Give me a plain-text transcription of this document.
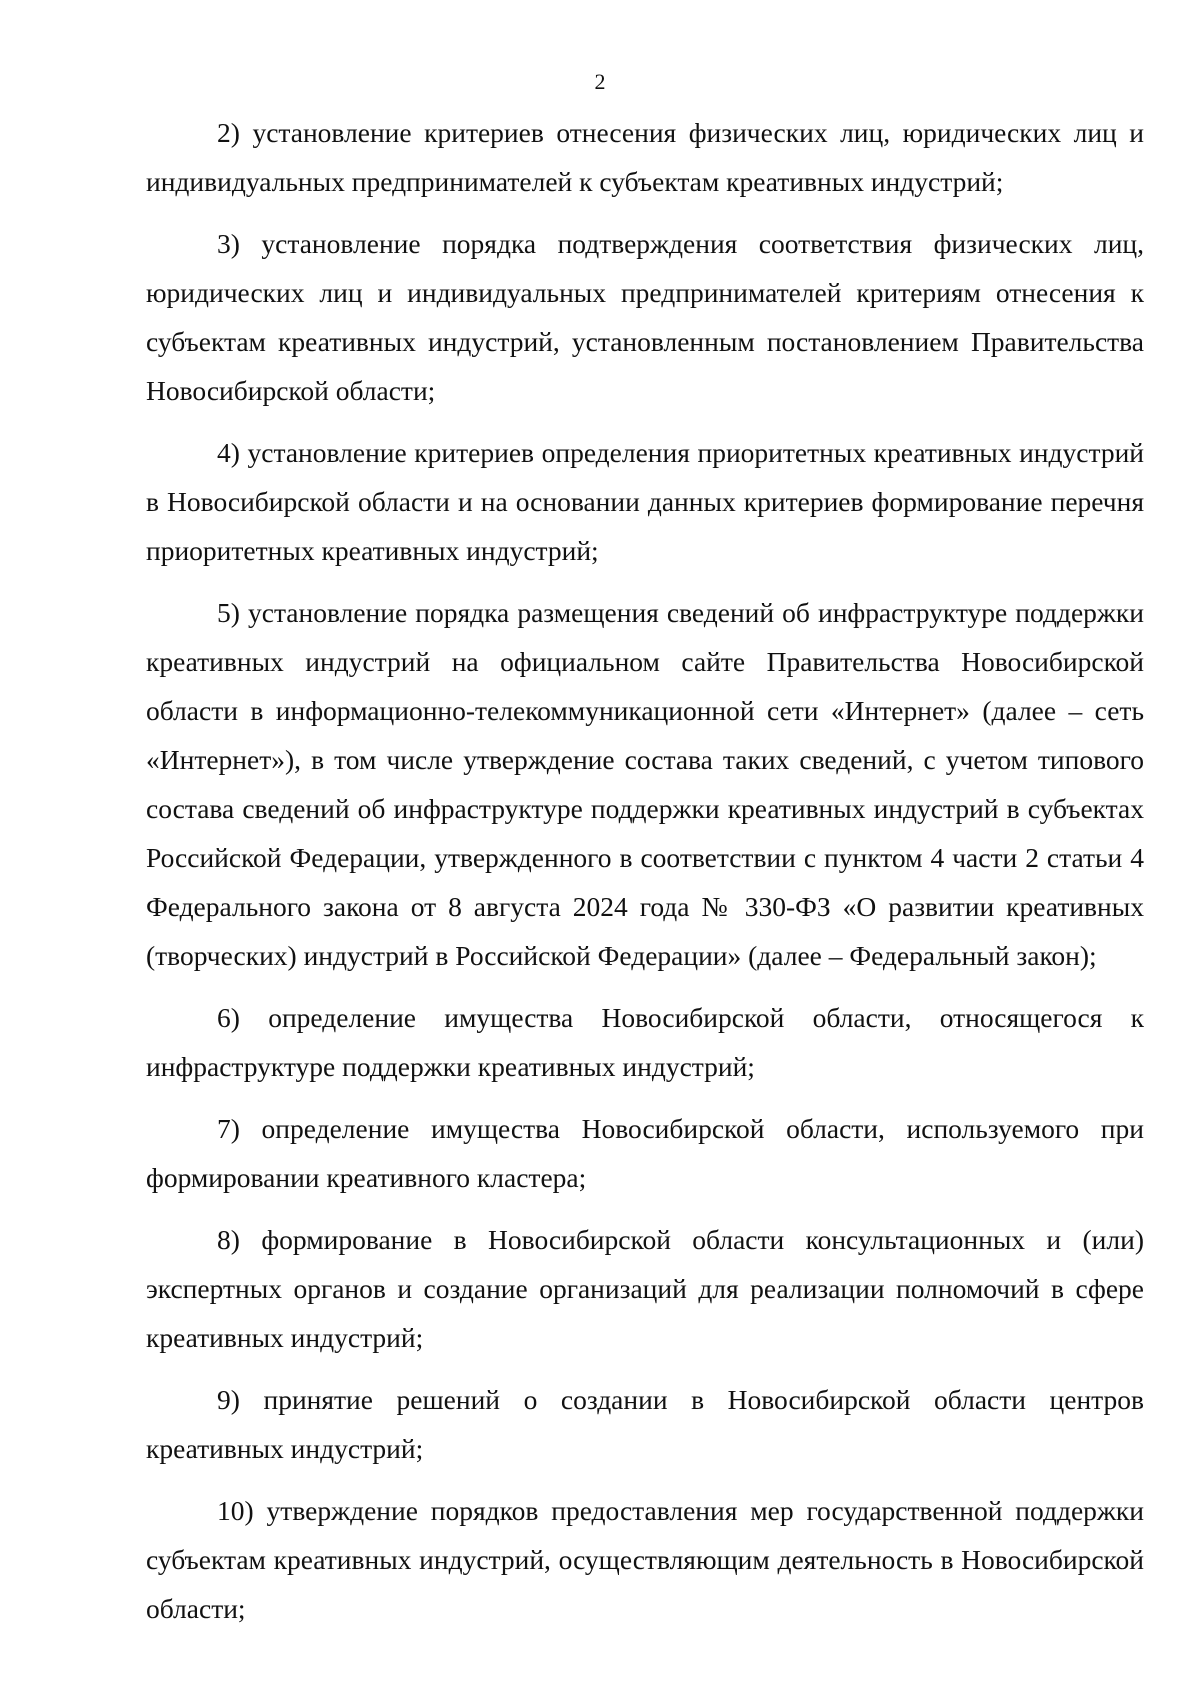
2

2) установление критериев отнесения физических лиц, юридических лиц и индивидуальных предпринимателей к субъектам креативных индустрий;

3) установление порядка подтверждения соответствия физических лиц, юридических лиц и индивидуальных предпринимателей критериям отнесения к субъектам креативных индустрий, установленным постановлением Правительства Новосибирской области;

4) установление критериев определения приоритетных креативных индустрий в Новосибирской области и на основании данных критериев формирование перечня приоритетных креативных индустрий;

5) установление порядка размещения сведений об инфраструктуре поддержки креативных индустрий на официальном сайте Правительства Новосибирской области в информационно-телекоммуникационной сети «Интернет» (далее – сеть «Интернет»), в том числе утверждение состава таких сведений, с учетом типового состава сведений об инфраструктуре поддержки креативных индустрий в субъектах Российской Федерации, утвержденного в соответствии с пунктом 4 части 2 статьи 4 Федерального закона от 8 августа 2024 года № 330-ФЗ «О развитии креативных (творческих) индустрий в Российской Федерации» (далее – Федеральный закон);

6) определение имущества Новосибирской области, относящегося к инфраструктуре поддержки креативных индустрий;

7) определение имущества Новосибирской области, используемого при формировании креативного кластера;

8) формирование в Новосибирской области консультационных и (или) экспертных органов и создание организаций для реализации полномочий в сфере креативных индустрий;

9) принятие решений о создании в Новосибирской области центров креативных индустрий;

10) утверждение порядков предоставления мер государственной поддержки субъектам креативных индустрий, осуществляющим деятельность в Новосибирской области;
